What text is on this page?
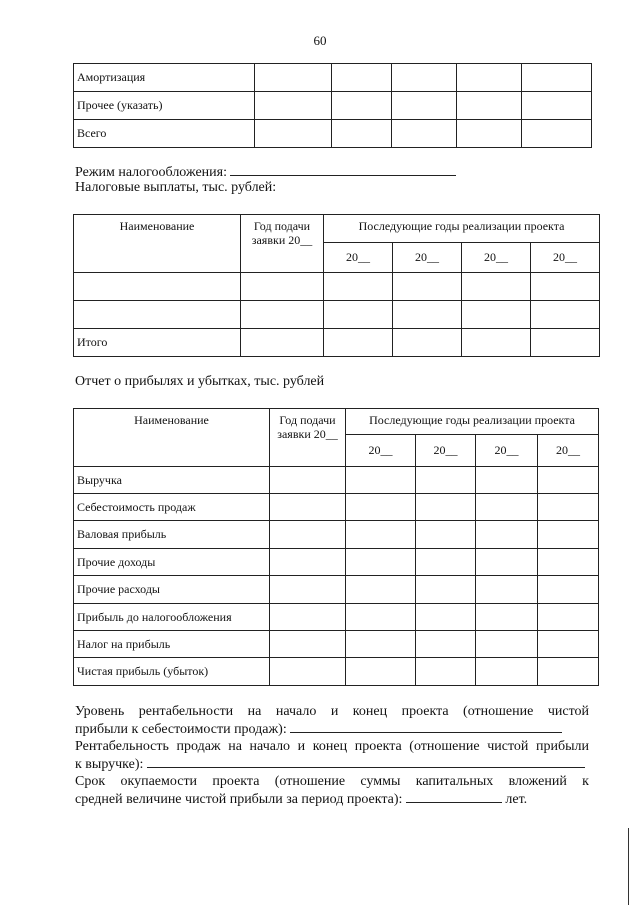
60
Амортизация					
Прочее (указать)					
Всего					
Режим налогообложения:
Налоговые выплаты, тыс. рублей:
Наименование	Год подачи заявки 20__	Последующие годы реализации проекта			
		20__	20__	20__	20__

Итого					
Отчет о прибылях и убытках, тыс. рублей
Наименование	Год подачи заявки 20__	Последующие годы реализации проекта			
		20__	20__	20__	20__
Выручка					
Себестоимость продаж					
Валовая прибыль					
Прочие доходы					
Прочие расходы					
Прибыль до налогообложения					
Налог на прибыль					
Чистая прибыль (убыток)					
Уровень рентабельности на начало и конец проекта (отношение чистой
прибыли к себестоимости продаж):
Рентабельность продаж на начало и конец проекта (отношение чистой прибыли
к выручке):
Срок окупаемости проекта (отношение суммы капитальных вложений к
средней величине чистой прибыли за период проекта):	лет.
